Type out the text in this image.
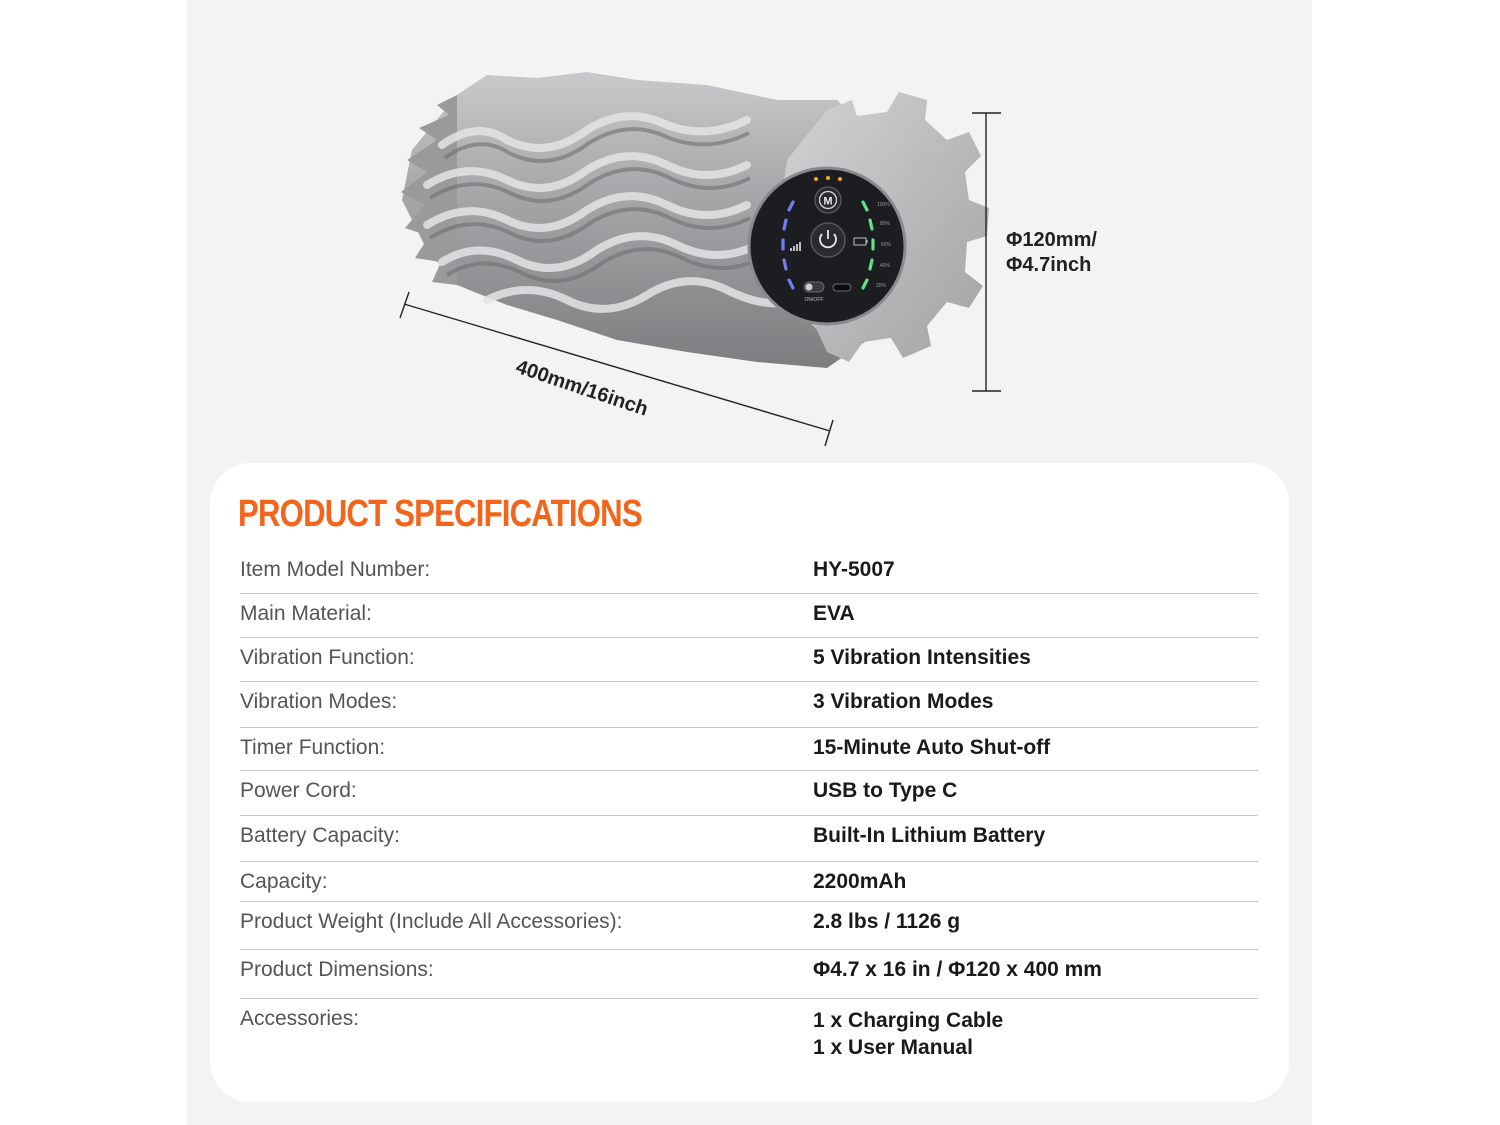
M	100%
80%
60%
40%
20%
ON/OFF
400mm/16inch
Φ120mm/
Φ4.7inch
PRODUCT SPECIFICATIONS
Item Model Number:	HY-5007
Main Material:	EVA
Vibration Function:	5 Vibration Intensities
Vibration Modes:	3 Vibration Modes
Timer Function:	15-Minute Auto Shut-off
Power Cord:	USB to Type C
Battery Capacity:	Built-In Lithium Battery
Capacity:	2200mAh
Product Weight (Include All Accessories):	2.8 lbs / 1126 g
Product Dimensions:	Φ4.7 x 16 in / Φ120 x 400 mm
Accessories:	1 x Charging Cable
1 x User Manual
